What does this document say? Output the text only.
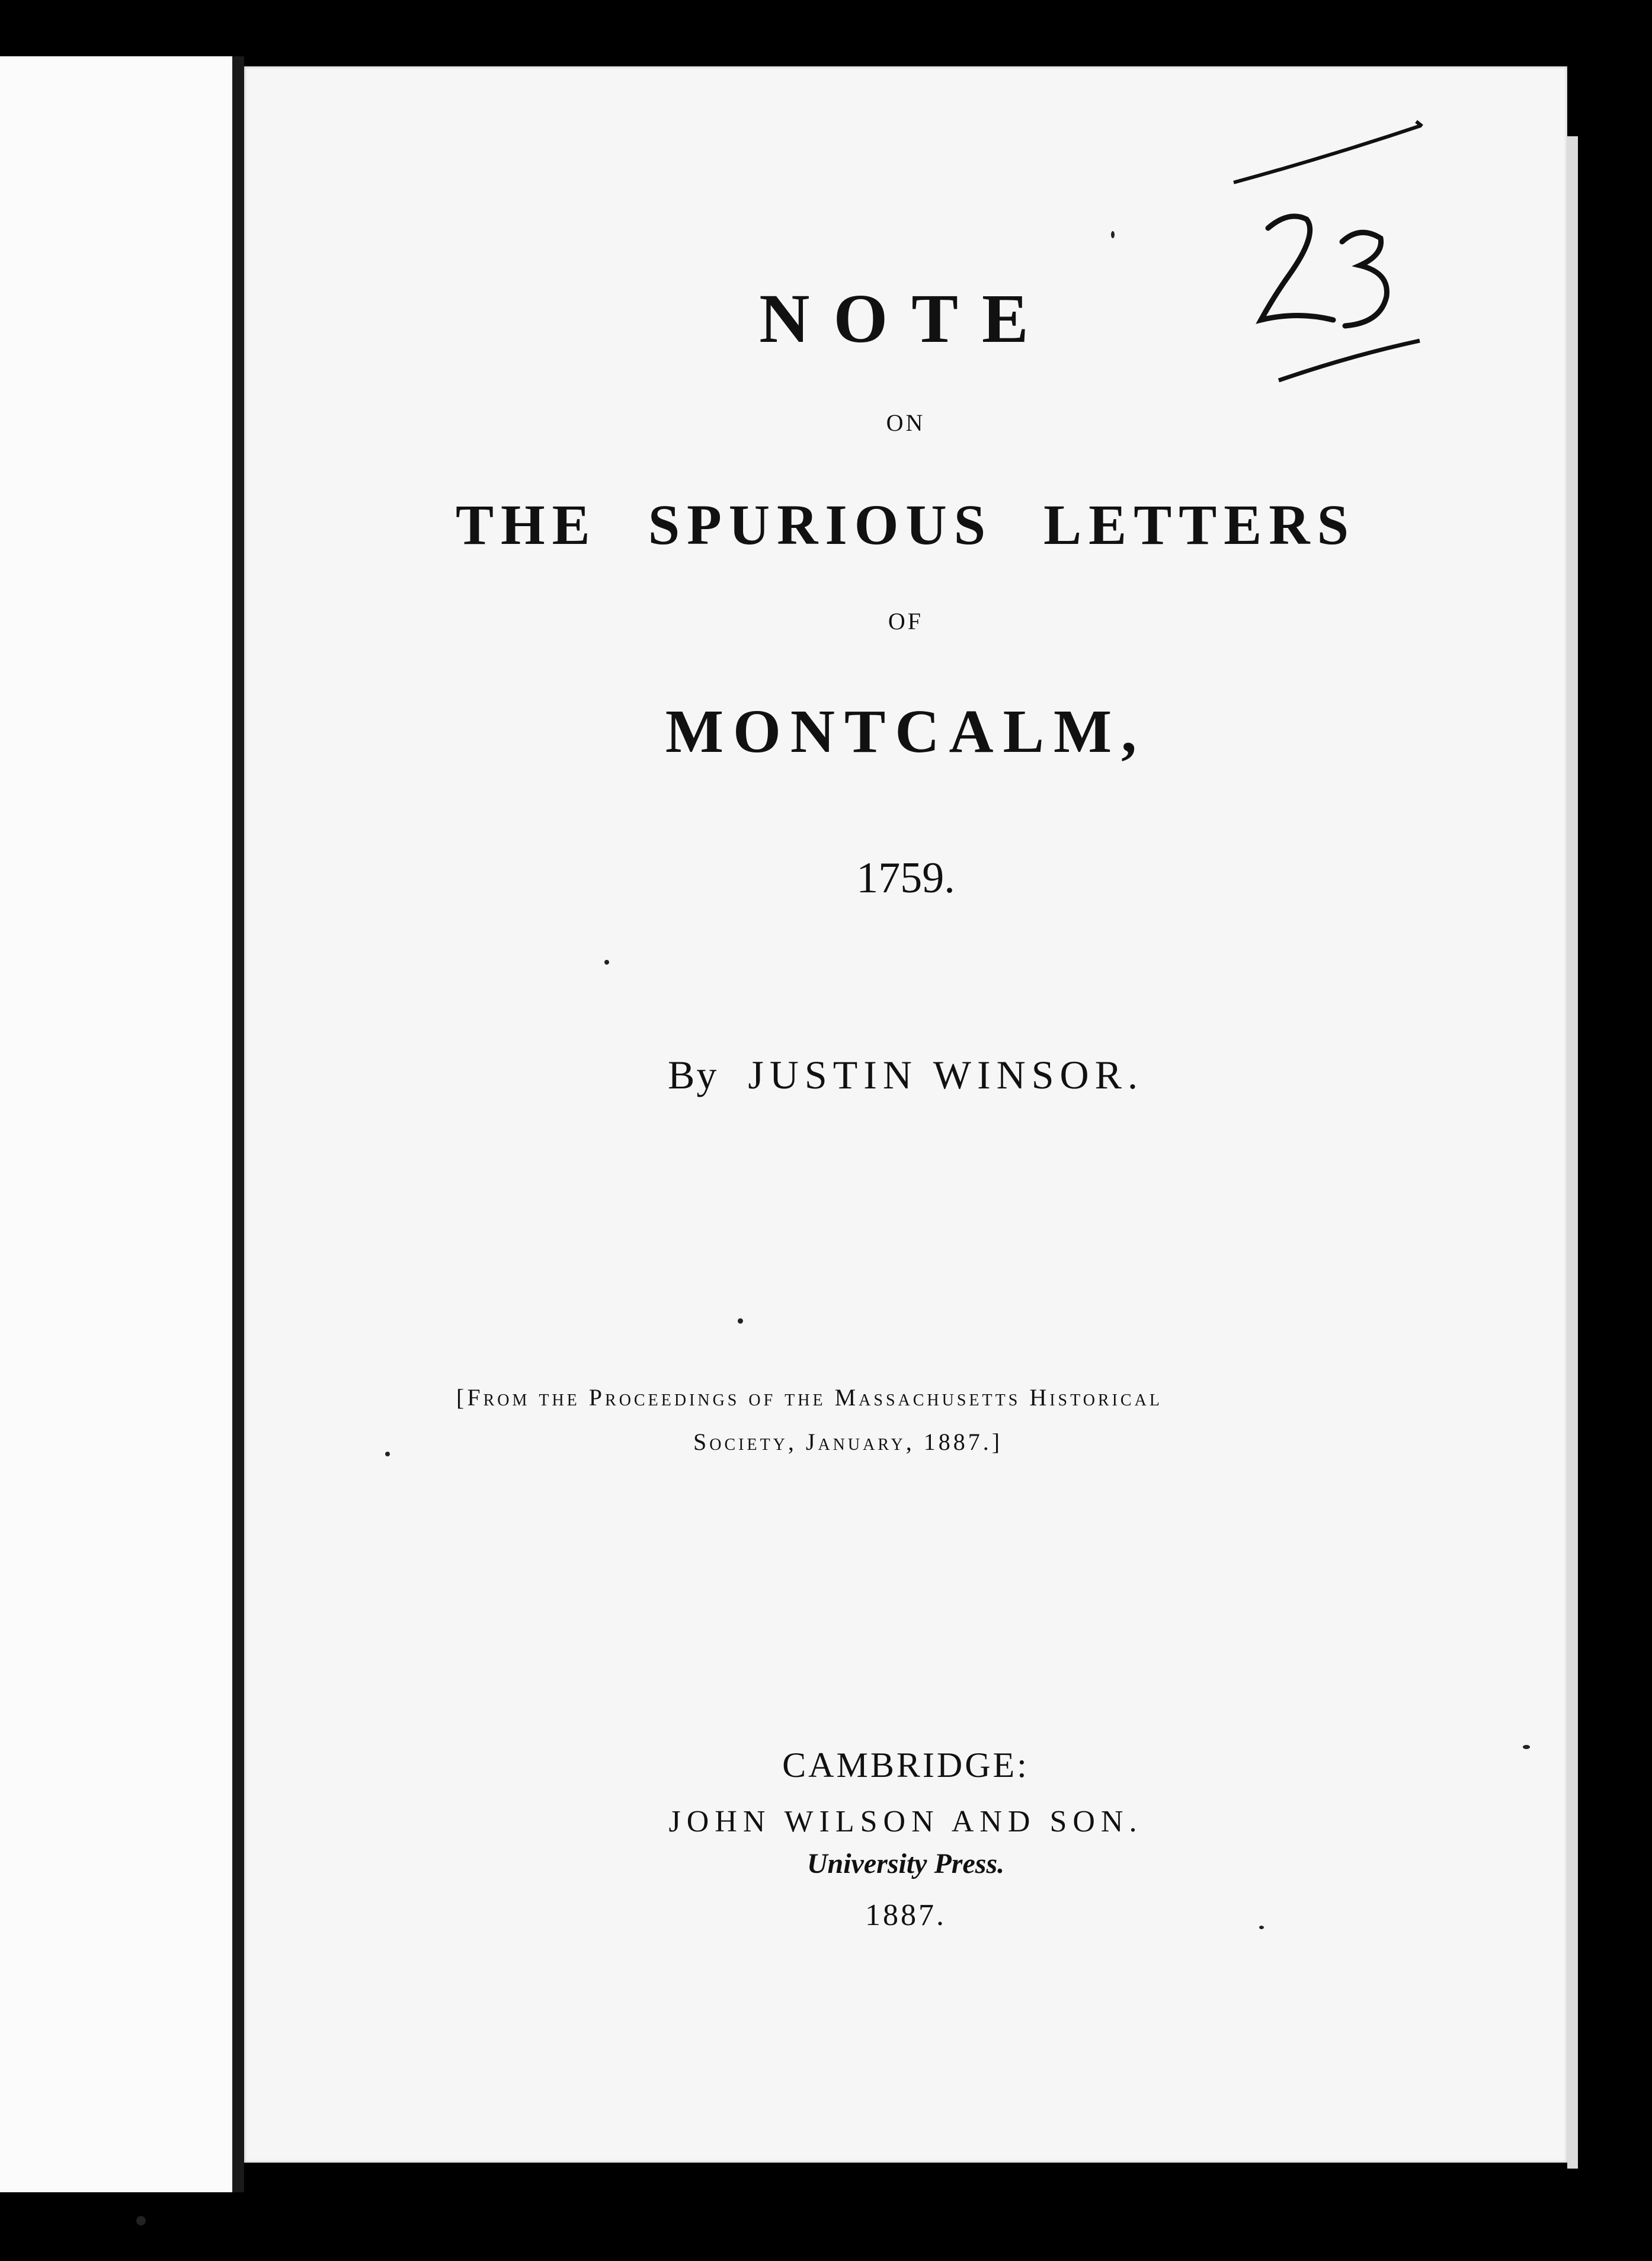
NOTE
ON
THE SPURIOUS LETTERS
OF
MONTCALM,
1759.
By JUSTIN WINSOR.
[From the Proceedings of the Massachusetts Historical
Society, January, 1887.]
CAMBRIDGE:
JOHN WILSON AND SON.
University Press.
1887.
